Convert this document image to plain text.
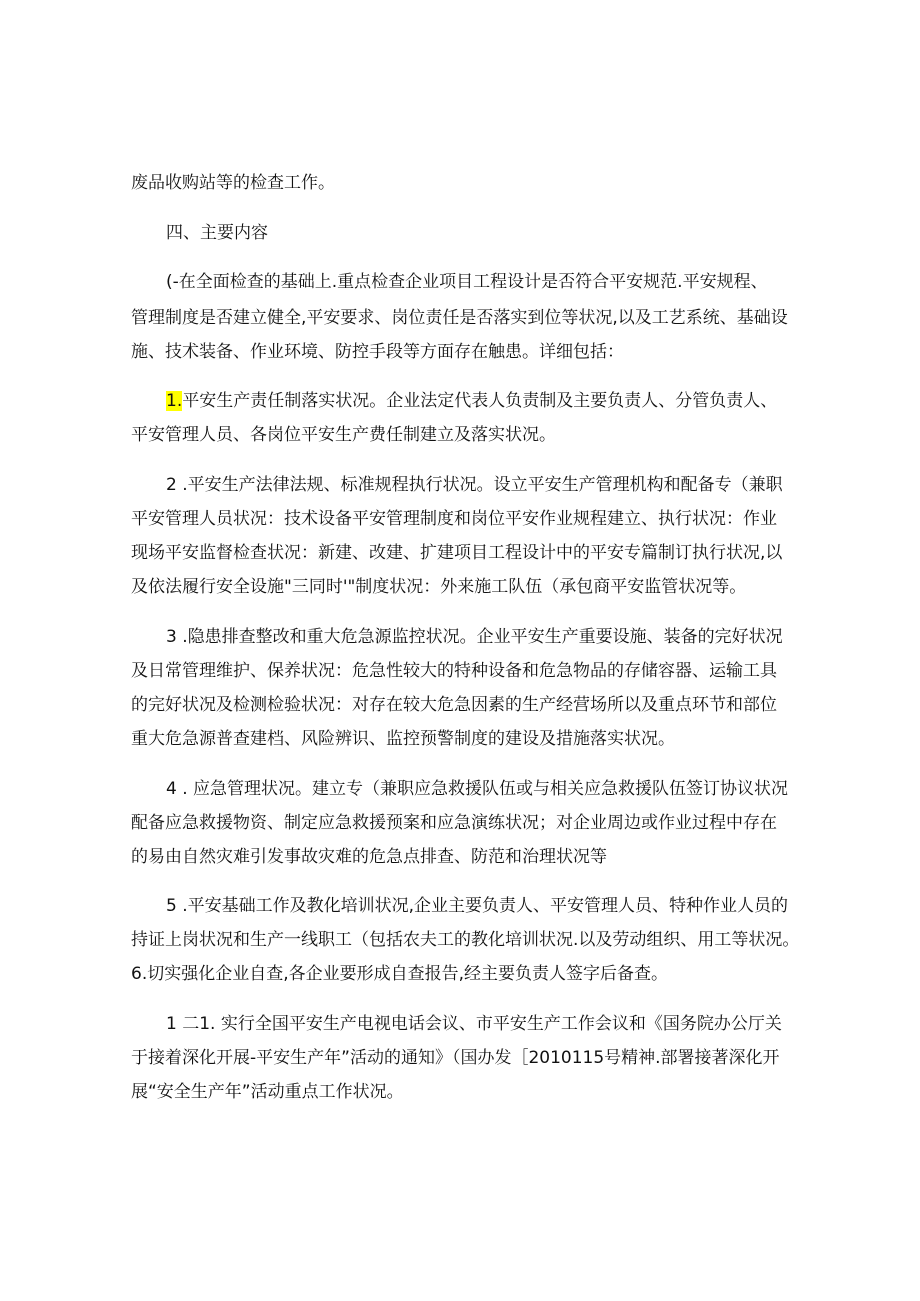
废品收购站等的检查工作。
四、主要内容
(-在全面检查的基础上.重点检查企业项目工程设计是否符合平安规范.平安规程、
管理制度是否建立健全,平安要求、岗位责任是否落实到位等状况,以及工艺系统、基础设
施、技术装备、作业环境、防控手段等方面存在触患。详细包括：
1.平安生产责任制落实状况。企业法定代表人负责制及主要负责人、分管负责人、
平安管理人员、各岗位平安生产费任制建立及落实状况。
2 .平安生产法律法规、标准规程执行状况。设立平安生产管理机构和配备专（兼职
平安管理人员状况：技术设备平安管理制度和岗位平安作业规程建立、执行状况：作业
现场平安监督检查状况：新建、改建、扩建项目工程设计中的平安专篇制订执行状况,以
及依法履行安全设施"三同时'"制度状况：外来施工队伍（承包商平安监管状况等。
3 .隐患排查整改和重大危急源监控状况。企业平安生产重要设施、装备的完好状况
及日常管理维护、保养状况：危急性较大的特种设备和危急物品的存储容器、运输工具
的完好状况及检测检验状况：对存在较大危急因素的生产经营场所以及重点环节和部位
重大危急源普查建档、风险辨识、监控预警制度的建设及措施落实状况。
4 . 应急管理状况。建立专（兼职应急救援队伍或与相关应急救援队伍签订协议状况
配备应急救援物资、制定应急救援预案和应急演练状况；对企业周边或作业过程中存在
的易由自然灾难引发事故灾难的危急点排查、防范和治理状况等
5 .平安基础工作及教化培训状况,企业主要负责人、平安管理人员、特种作业人员的
持证上岗状况和生产一线职工（包括农夫工的教化培训状况.以及劳动组织、用工等状况。
6.切实强化企业自查,各企业要形成自查报告,经主要负责人签字后备查。
1 二1. 实行全国平安生产电视电话会议、市平安生产工作会议和《国务院办公厅关
于接着深化开展-平安生产年”活动的通知》（国办发［2010115号精神.部署接著深化开
展“安全生产年”活动重点工作状况。
